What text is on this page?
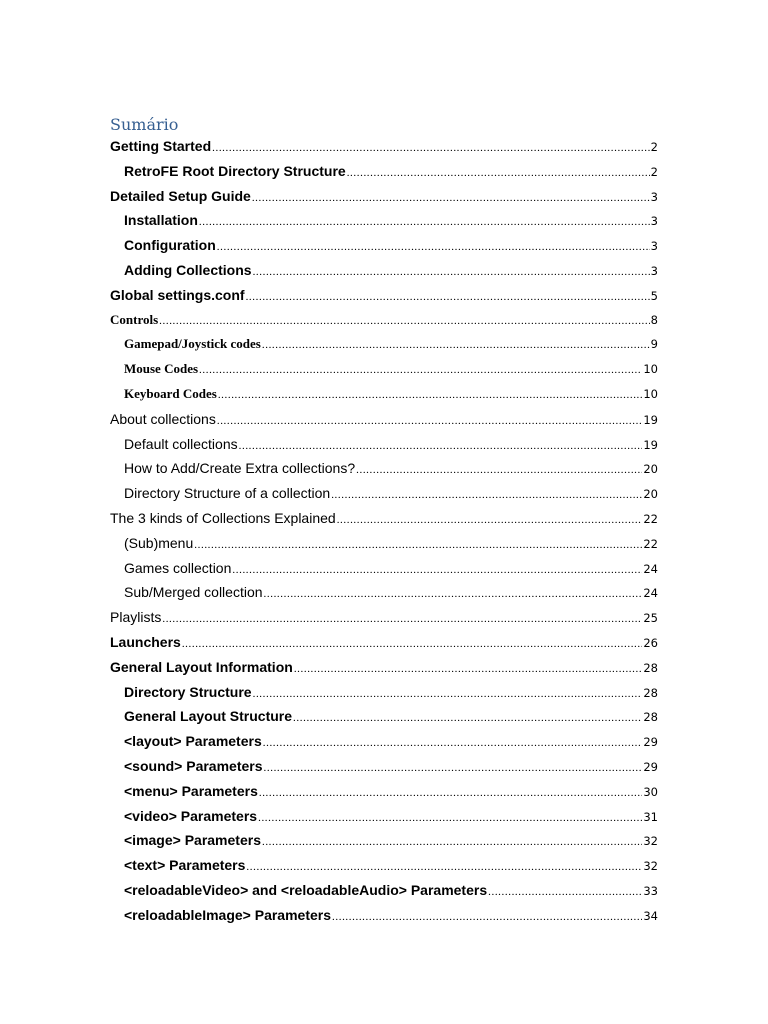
Sumário
Getting Started .....	2
RetroFE Root Directory Structure .....	2
Detailed Setup Guide .....	3
Installation .....	3
Configuration .....	3
Adding Collections .....	3
Global settings.conf .....	5
Controls .....	8
Gamepad/Joystick codes .....	9
Mouse Codes .....	10
Keyboard Codes .....	10
About collections .....	19
Default collections .....	19
How to Add/Create Extra collections? .....	20
Directory Structure of a collection .....	20
The 3 kinds of Collections Explained .....	22
(Sub)menu .....	22
Games collection .....	24
Sub/Merged collection .....	24
Playlists .....	25
Launchers .....	26
General Layout Information .....	28
Directory Structure .....	28
General Layout Structure .....	28
<layout> Parameters .....	29
<sound> Parameters .....	29
<menu> Parameters .....	30
<video> Parameters .....	31
<image> Parameters .....	32
<text> Parameters .....	32
<reloadableVideo> and <reloadableAudio> Parameters .....	33
<reloadableImage> Parameters .....	34
